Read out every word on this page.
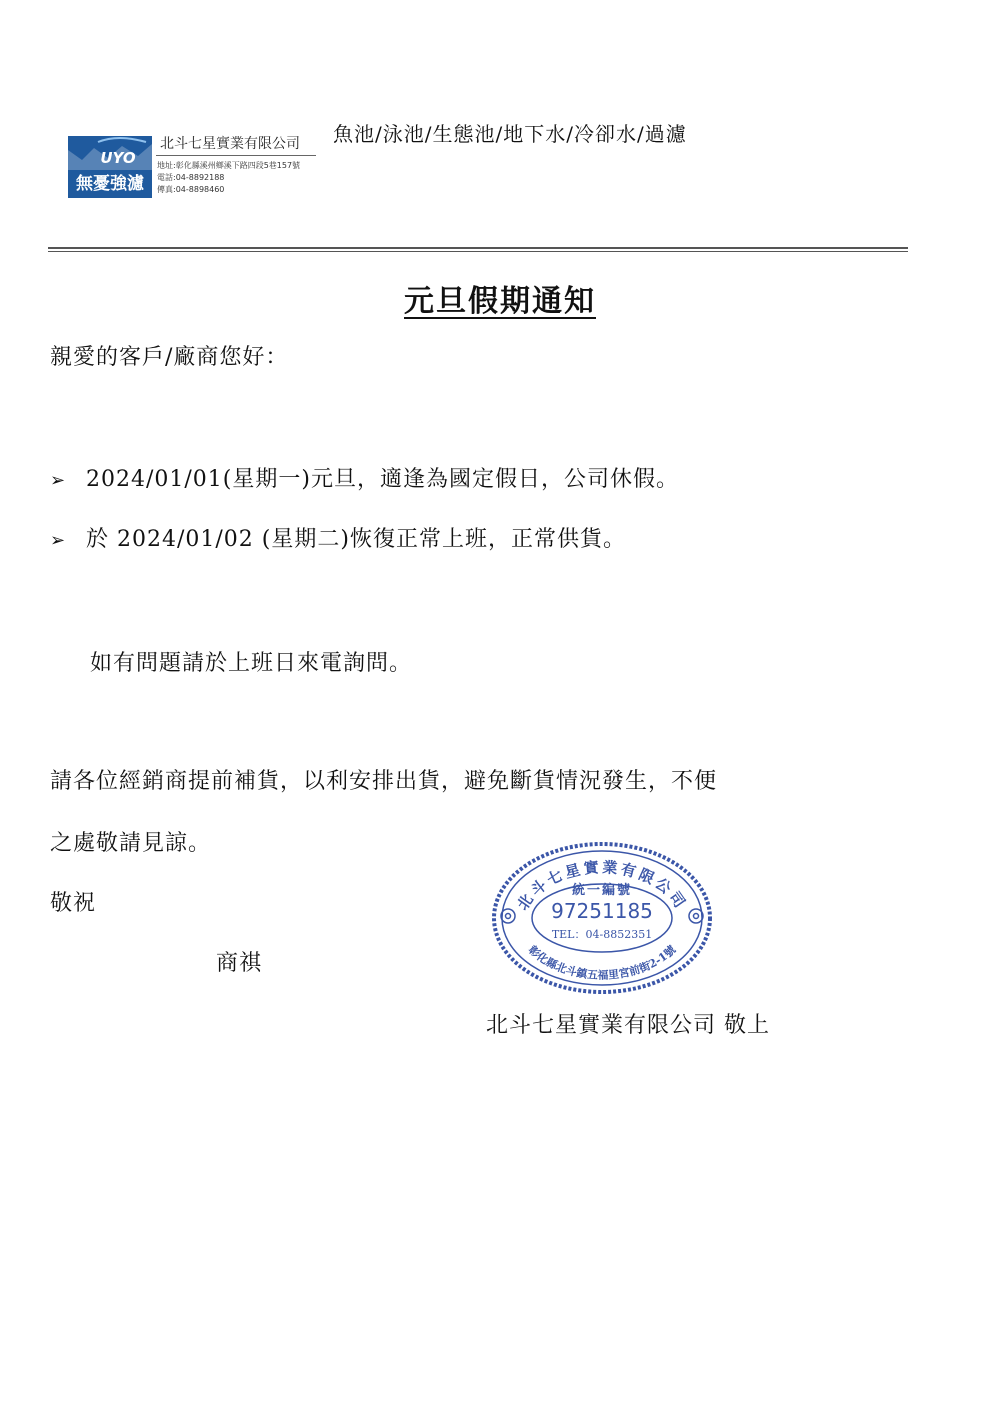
UYO
無憂強濾
北斗七星實業有限公司
地址:彰化縣溪州鄉溪下路四段5巷157號
電話:04-8892188
傳真:04-8898460
魚池/泳池/生態池/地下水/冷卻水/過濾
元旦假期通知
親愛的客戶/廠商您好：
➢ 2024/01/01(星期一)元旦，適逢為國定假日，公司休假。
➢ 於 2024/01/02 (星期二)恢復正常上班，正常供貨。
如有問題請於上班日來電詢問。
請各位經銷商提前補貨，以利安排出貨，避免斷貨情況發生，不便
之處敬請見諒。
敬祝
商祺
北斗七星實業有限公司
彰化縣北斗鎮五福里宮前街2-1號
統一編號
97251185
TEL：04-8852351
北斗七星實業有限公司 敬上
